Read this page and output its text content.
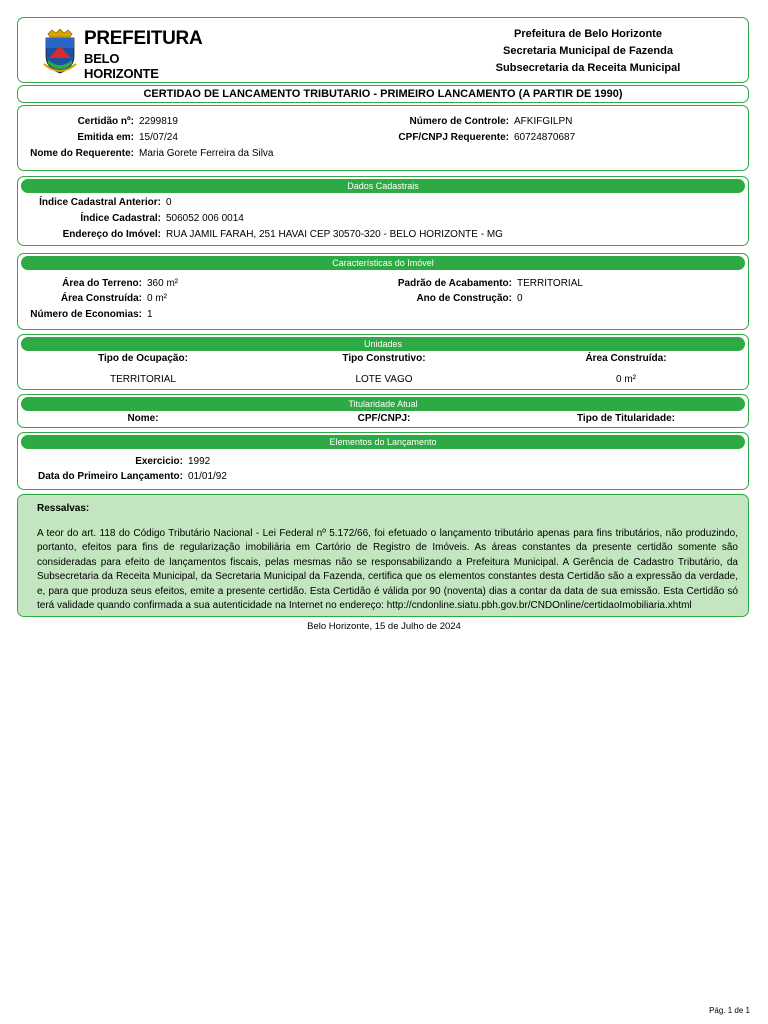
PREFEITURA
BELO HORIZONTE
Prefeitura de Belo Horizonte
Secretaria Municipal de Fazenda
Subsecretaria da Receita Municipal
CERTIDAO DE LANCAMENTO TRIBUTARIO - PRIMEIRO LANCAMENTO (A PARTIR DE 1990)
Certidão nº: 2299819
Emitida em: 15/07/24
Nome do Requerente: Maria Gorete Ferreira da Silva
Número de Controle: AFKIFGILPN
CPF/CNPJ Requerente: 60724870687
Dados Cadastrais
Índice Cadastral Anterior: 0
Índice Cadastral: 506052 006 0014
Endereço do Imóvel: RUA JAMIL FARAH, 251 HAVAI CEP 30570-320 - BELO HORIZONTE - MG
Características do Imóvel
Área do Terreno: 360 m²
Área Construída: 0 m²
Número de Economias: 1
Padrão de Acabamento: TERRITORIAL
Ano de Construção: 0
Unidades
Tipo de Ocupação:	Tipo Construtivo:	Área Construída:
TERRITORIAL	LOTE VAGO	0 m²
Titularidade Atual
Nome:	CPF/CNPJ:	Tipo de Titularidade:
Elementos do Lançamento
Exercicio: 1992
Data do Primeiro Lançamento: 01/01/92
Ressalvas:
A teor do art. 118 do Código Tributário Nacional - Lei Federal nº 5.172/66, foi efetuado o lançamento tributário apenas para fins tributários, não produzindo, portanto, efeitos para fins de regularização imobiliária em Cartório de Registro de Imóveis. As áreas constantes da presente certidão somente são consideradas para efeito de lançamentos fiscais, pelas mesmas não se responsabilizando a Prefeitura Municipal. A Gerência de Cadastro Tributário, da Subsecretaria da Receita Municipal, da Secretaria Municipal da Fazenda, certifica que os elementos constantes desta Certidão são a expressão da verdade, e, para que produza seus efeitos, emite a presente certidão. Esta Certidão é válida por 90 (noventa) dias a contar da data de sua emissão. Esta Certidão só terá validade quando confirmada a sua autenticidade na Internet no endereço: http://cndonline.siatu.pbh.gov.br/CNDOnline/certidaoImobiliaria.xhtml
Belo Horizonte, 15 de Julho de 2024
Pág. 1 de 1
